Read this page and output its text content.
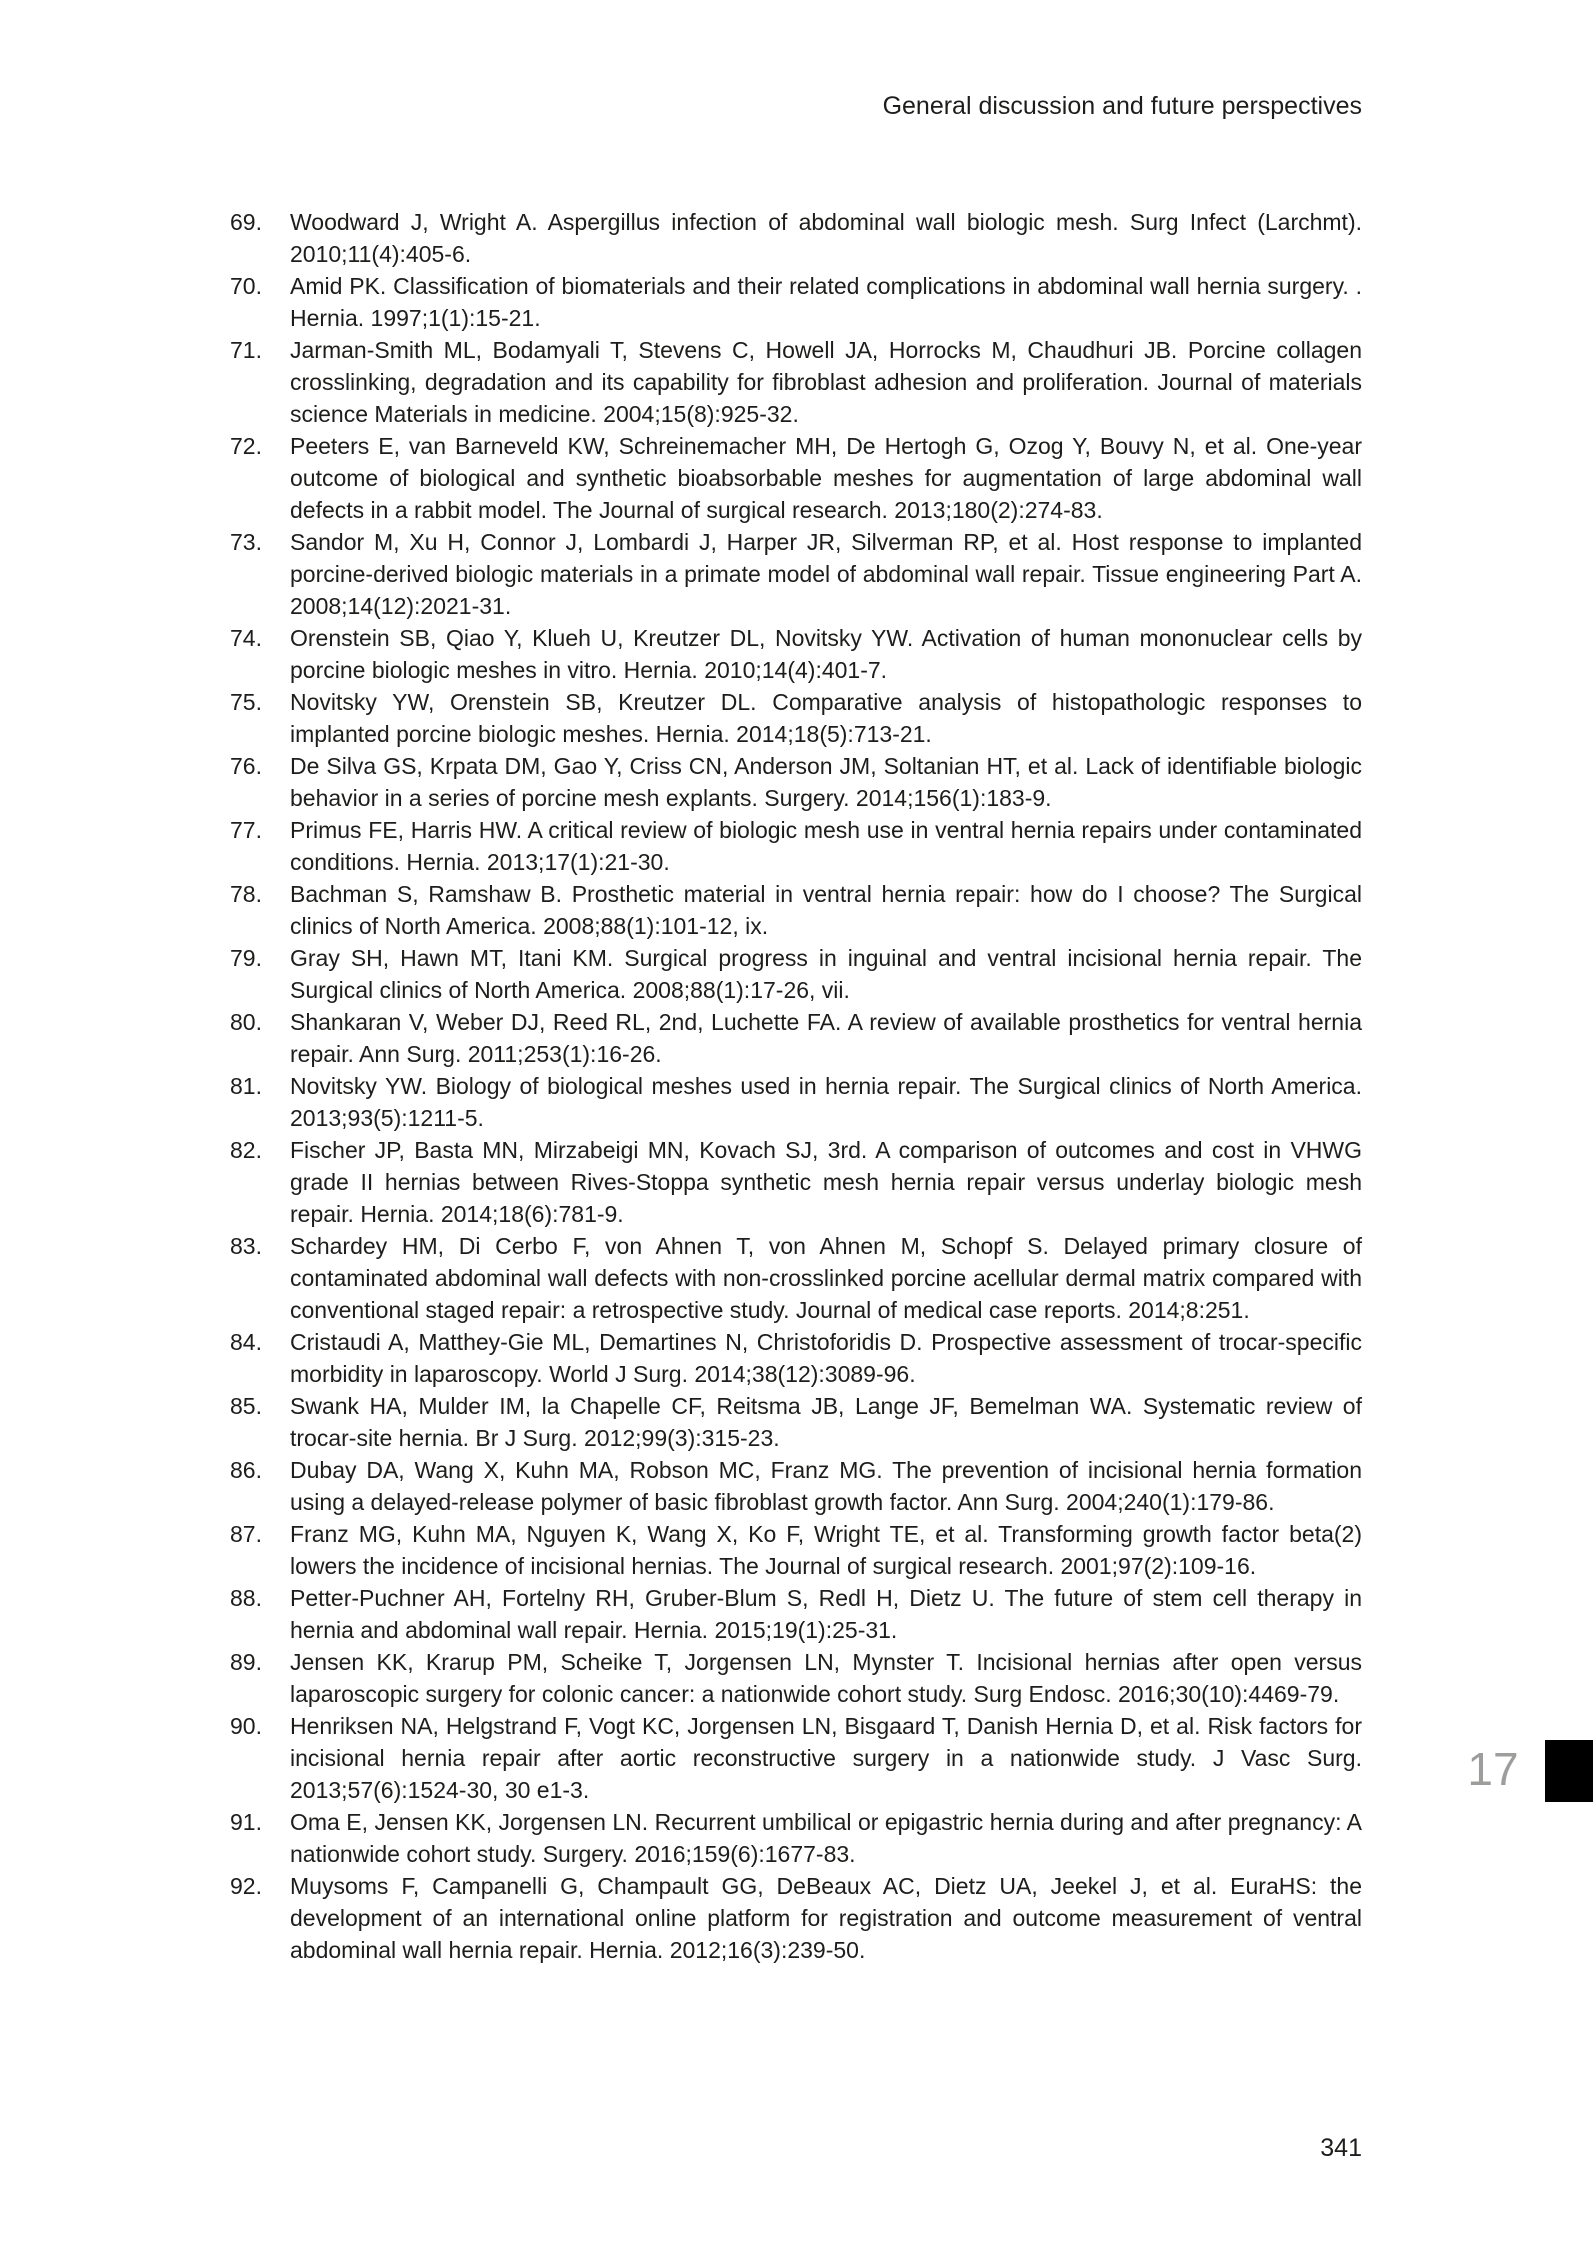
General discussion and future perspectives
69. Woodward J, Wright A. Aspergillus infection of abdominal wall biologic mesh. Surg Infect (Larchmt). 2010;11(4):405-6.
70. Amid PK. Classification of biomaterials and their related complications in abdominal wall hernia surgery. . Hernia. 1997;1(1):15-21.
71. Jarman-Smith ML, Bodamyali T, Stevens C, Howell JA, Horrocks M, Chaudhuri JB. Porcine collagen crosslinking, degradation and its capability for fibroblast adhesion and proliferation. Journal of materials science Materials in medicine. 2004;15(8):925-32.
72. Peeters E, van Barneveld KW, Schreinemacher MH, De Hertogh G, Ozog Y, Bouvy N, et al. One-year outcome of biological and synthetic bioabsorbable meshes for augmentation of large abdominal wall defects in a rabbit model. The Journal of surgical research. 2013;180(2):274-83.
73. Sandor M, Xu H, Connor J, Lombardi J, Harper JR, Silverman RP, et al. Host response to implanted porcine-derived biologic materials in a primate model of abdominal wall repair. Tissue engineering Part A. 2008;14(12):2021-31.
74. Orenstein SB, Qiao Y, Klueh U, Kreutzer DL, Novitsky YW. Activation of human mononuclear cells by porcine biologic meshes in vitro. Hernia. 2010;14(4):401-7.
75. Novitsky YW, Orenstein SB, Kreutzer DL. Comparative analysis of histopathologic responses to implanted porcine biologic meshes. Hernia. 2014;18(5):713-21.
76. De Silva GS, Krpata DM, Gao Y, Criss CN, Anderson JM, Soltanian HT, et al. Lack of identifiable biologic behavior in a series of porcine mesh explants. Surgery. 2014;156(1):183-9.
77. Primus FE, Harris HW. A critical review of biologic mesh use in ventral hernia repairs under contaminated conditions. Hernia. 2013;17(1):21-30.
78. Bachman S, Ramshaw B. Prosthetic material in ventral hernia repair: how do I choose? The Surgical clinics of North America. 2008;88(1):101-12, ix.
79. Gray SH, Hawn MT, Itani KM. Surgical progress in inguinal and ventral incisional hernia repair. The Surgical clinics of North America. 2008;88(1):17-26, vii.
80. Shankaran V, Weber DJ, Reed RL, 2nd, Luchette FA. A review of available prosthetics for ventral hernia repair. Ann Surg. 2011;253(1):16-26.
81. Novitsky YW. Biology of biological meshes used in hernia repair. The Surgical clinics of North America. 2013;93(5):1211-5.
82. Fischer JP, Basta MN, Mirzabeigi MN, Kovach SJ, 3rd. A comparison of outcomes and cost in VHWG grade II hernias between Rives-Stoppa synthetic mesh hernia repair versus underlay biologic mesh repair. Hernia. 2014;18(6):781-9.
83. Schardey HM, Di Cerbo F, von Ahnen T, von Ahnen M, Schopf S. Delayed primary closure of contaminated abdominal wall defects with non-crosslinked porcine acellular dermal matrix compared with conventional staged repair: a retrospective study. Journal of medical case reports. 2014;8:251.
84. Cristaudi A, Matthey-Gie ML, Demartines N, Christoforidis D. Prospective assessment of trocar-specific morbidity in laparoscopy. World J Surg. 2014;38(12):3089-96.
85. Swank HA, Mulder IM, la Chapelle CF, Reitsma JB, Lange JF, Bemelman WA. Systematic review of trocar-site hernia. Br J Surg. 2012;99(3):315-23.
86. Dubay DA, Wang X, Kuhn MA, Robson MC, Franz MG. The prevention of incisional hernia formation using a delayed-release polymer of basic fibroblast growth factor. Ann Surg. 2004;240(1):179-86.
87. Franz MG, Kuhn MA, Nguyen K, Wang X, Ko F, Wright TE, et al. Transforming growth factor beta(2) lowers the incidence of incisional hernias. The Journal of surgical research. 2001;97(2):109-16.
88. Petter-Puchner AH, Fortelny RH, Gruber-Blum S, Redl H, Dietz U. The future of stem cell therapy in hernia and abdominal wall repair. Hernia. 2015;19(1):25-31.
89. Jensen KK, Krarup PM, Scheike T, Jorgensen LN, Mynster T. Incisional hernias after open versus laparoscopic surgery for colonic cancer: a nationwide cohort study. Surg Endosc. 2016;30(10):4469-79.
90. Henriksen NA, Helgstrand F, Vogt KC, Jorgensen LN, Bisgaard T, Danish Hernia D, et al. Risk factors for incisional hernia repair after aortic reconstructive surgery in a nationwide study. J Vasc Surg. 2013;57(6):1524-30, 30 e1-3.
91. Oma E, Jensen KK, Jorgensen LN. Recurrent umbilical or epigastric hernia during and after pregnancy: A nationwide cohort study. Surgery. 2016;159(6):1677-83.
92. Muysoms F, Campanelli G, Champault GG, DeBeaux AC, Dietz UA, Jeekel J, et al. EuraHS: the development of an international online platform for registration and outcome measurement of ventral abdominal wall hernia repair. Hernia. 2012;16(3):239-50.
17
341
